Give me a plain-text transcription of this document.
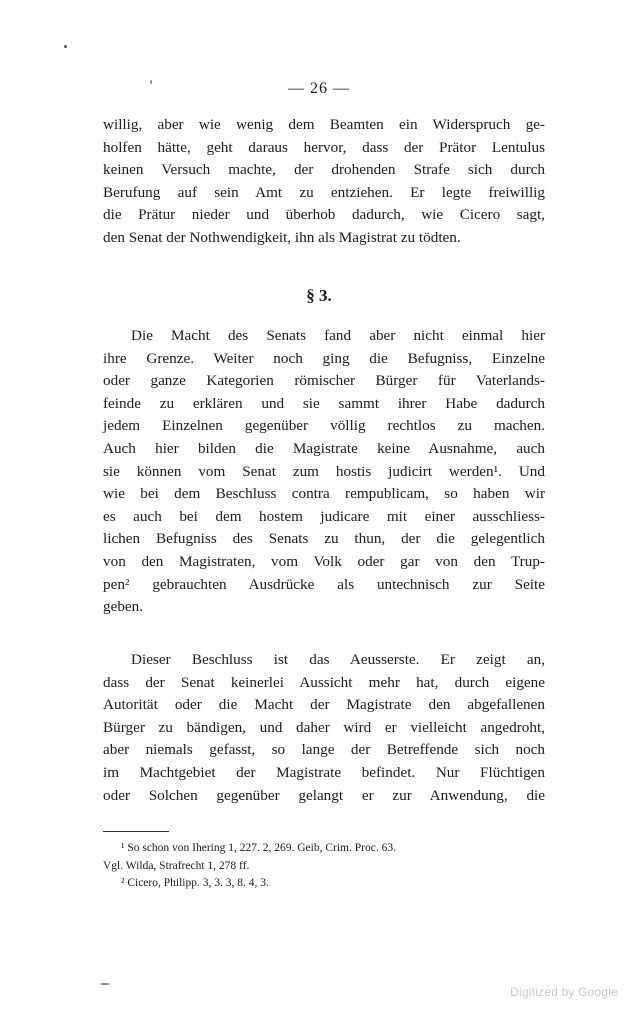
— 26 —
willig, aber wie wenig dem Beamten ein Widerspruch ge-
holfen hätte, geht daraus hervor, dass der Prätor Lentulus
keinen Versuch machte, der drohenden Strafe sich durch
Berufung auf sein Amt zu entziehen. Er legte freiwillig
die Prätur nieder und überhob dadurch, wie Cicero sagt,
den Senat der Nothwendigkeit, ihn als Magistrat zu tödten.
§ 3.
Die Macht des Senats fand aber nicht einmal hier
ihre Grenze. Weiter noch ging die Befugniss, Einzelne
oder ganze Kategorien römischer Bürger für Vaterlands-
feinde zu erklären und sie sammt ihrer Habe dadurch
jedem Einzelnen gegenüber völlig rechtlos zu machen.
Auch hier bilden die Magistrate keine Ausnahme, auch
sie können vom Senat zum hostis judicirt werden¹. Und
wie bei dem Beschluss contra rempublicam, so haben wir
es auch bei dem hostem judicare mit einer ausschliess-
lichen Befugniss des Senats zu thun, der die gelegentlich
von den Magistraten, vom Volk oder gar von den Trup-
pen² gebrauchten Ausdrücke als untechnisch zur Seite
geben.
Dieser Beschluss ist das Aeusserste. Er zeigt an,
dass der Senat keinerlei Aussicht mehr hat, durch eigene
Autorität oder die Macht der Magistrate den abgefallenen
Bürger zu bändigen, und daher wird er vielleicht angedroht,
aber niemals gefasst, so lange der Betreffende sich noch
im Machtgebiet der Magistrate befindet. Nur Flüchtigen
oder Solchen gegenüber gelangt er zur Anwendung, die
¹ So schon von Ihering 1, 227. 2, 269. Geib, Crim. Proc. 63.
Vgl. Wilda, Strafrecht 1, 278 ff.
² Cicero, Philipp. 3, 3. 3, 8. 4, 3.
Digitized by Google
